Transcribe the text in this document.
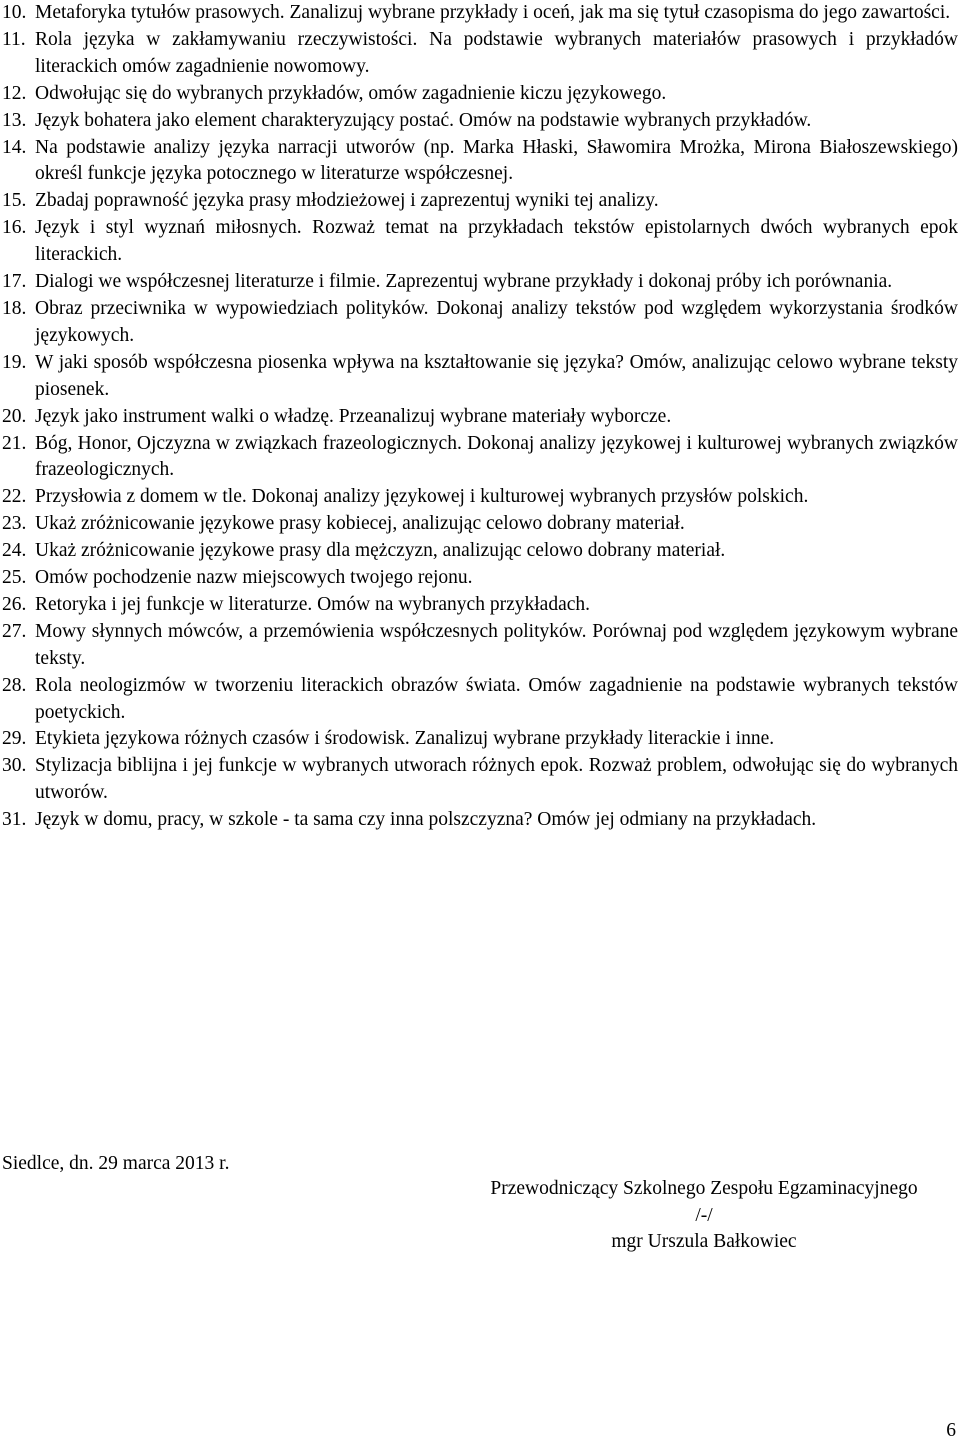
10. Metaforyka tytułów prasowych. Zanalizuj wybrane przykłady i oceń, jak ma się tytuł czasopisma do jego zawartości.
11. Rola języka w zakłamywaniu rzeczywistości. Na podstawie wybranych materiałów prasowych i przykładów literackich omów zagadnienie nowomowy.
12. Odwołując się do wybranych przykładów, omów zagadnienie kiczu językowego.
13. Język bohatera jako element charakteryzujący postać. Omów na podstawie wybranych przykładów.
14. Na podstawie analizy języka narracji utworów (np. Marka Hłaski, Sławomira Mrożka, Mirona Białoszewskiego) określ funkcje języka potocznego w literaturze współczesnej.
15. Zbadaj poprawność języka prasy młodzieżowej i zaprezentuj wyniki tej analizy.
16. Język i styl wyznań miłosnych. Rozważ temat na przykładach tekstów epistolarnych dwóch wybranych epok literackich.
17. Dialogi we współczesnej literaturze i filmie. Zaprezentuj wybrane przykłady i dokonaj próby ich porównania.
18. Obraz przeciwnika w wypowiedziach polityków. Dokonaj analizy tekstów pod względem wykorzystania środków językowych.
19. W jaki sposób współczesna piosenka wpływa na kształtowanie się języka? Omów, analizując celowo wybrane teksty piosenek.
20. Język jako instrument walki o władzę. Przeanalizuj wybrane materiały wyborcze.
21. Bóg, Honor, Ojczyzna w związkach frazeologicznych. Dokonaj analizy językowej i kulturowej wybranych związków frazeologicznych.
22. Przysłowia z domem w tle. Dokonaj analizy językowej i kulturowej wybranych przysłów polskich.
23. Ukaż zróżnicowanie językowe prasy kobiecej, analizując celowo dobrany materiał.
24. Ukaż zróżnicowanie językowe prasy dla mężczyzn, analizując celowo dobrany materiał.
25. Omów pochodzenie nazw miejscowych twojego rejonu.
26. Retoryka i jej funkcje w literaturze. Omów na wybranych przykładach.
27. Mowy słynnych mówców, a przemówienia współczesnych polityków. Porównaj pod względem językowym wybrane teksty.
28. Rola neologizmów w tworzeniu literackich obrazów świata. Omów zagadnienie na podstawie wybranych tekstów poetyckich.
29. Etykieta językowa różnych czasów i środowisk. Zanalizuj wybrane przykłady literackie i inne.
30. Stylizacja biblijna i jej funkcje w wybranych utworach różnych epok. Rozważ problem, odwołując się do wybranych utworów.
31. Język w domu, pracy, w szkole - ta sama czy inna polszczyzna? Omów jej odmiany na przykładach.
Siedlce, dn. 29 marca 2013 r.
Przewodniczący Szkolnego Zespołu Egzaminacyjnego
/-/
mgr Urszula Bałkowiec
6
